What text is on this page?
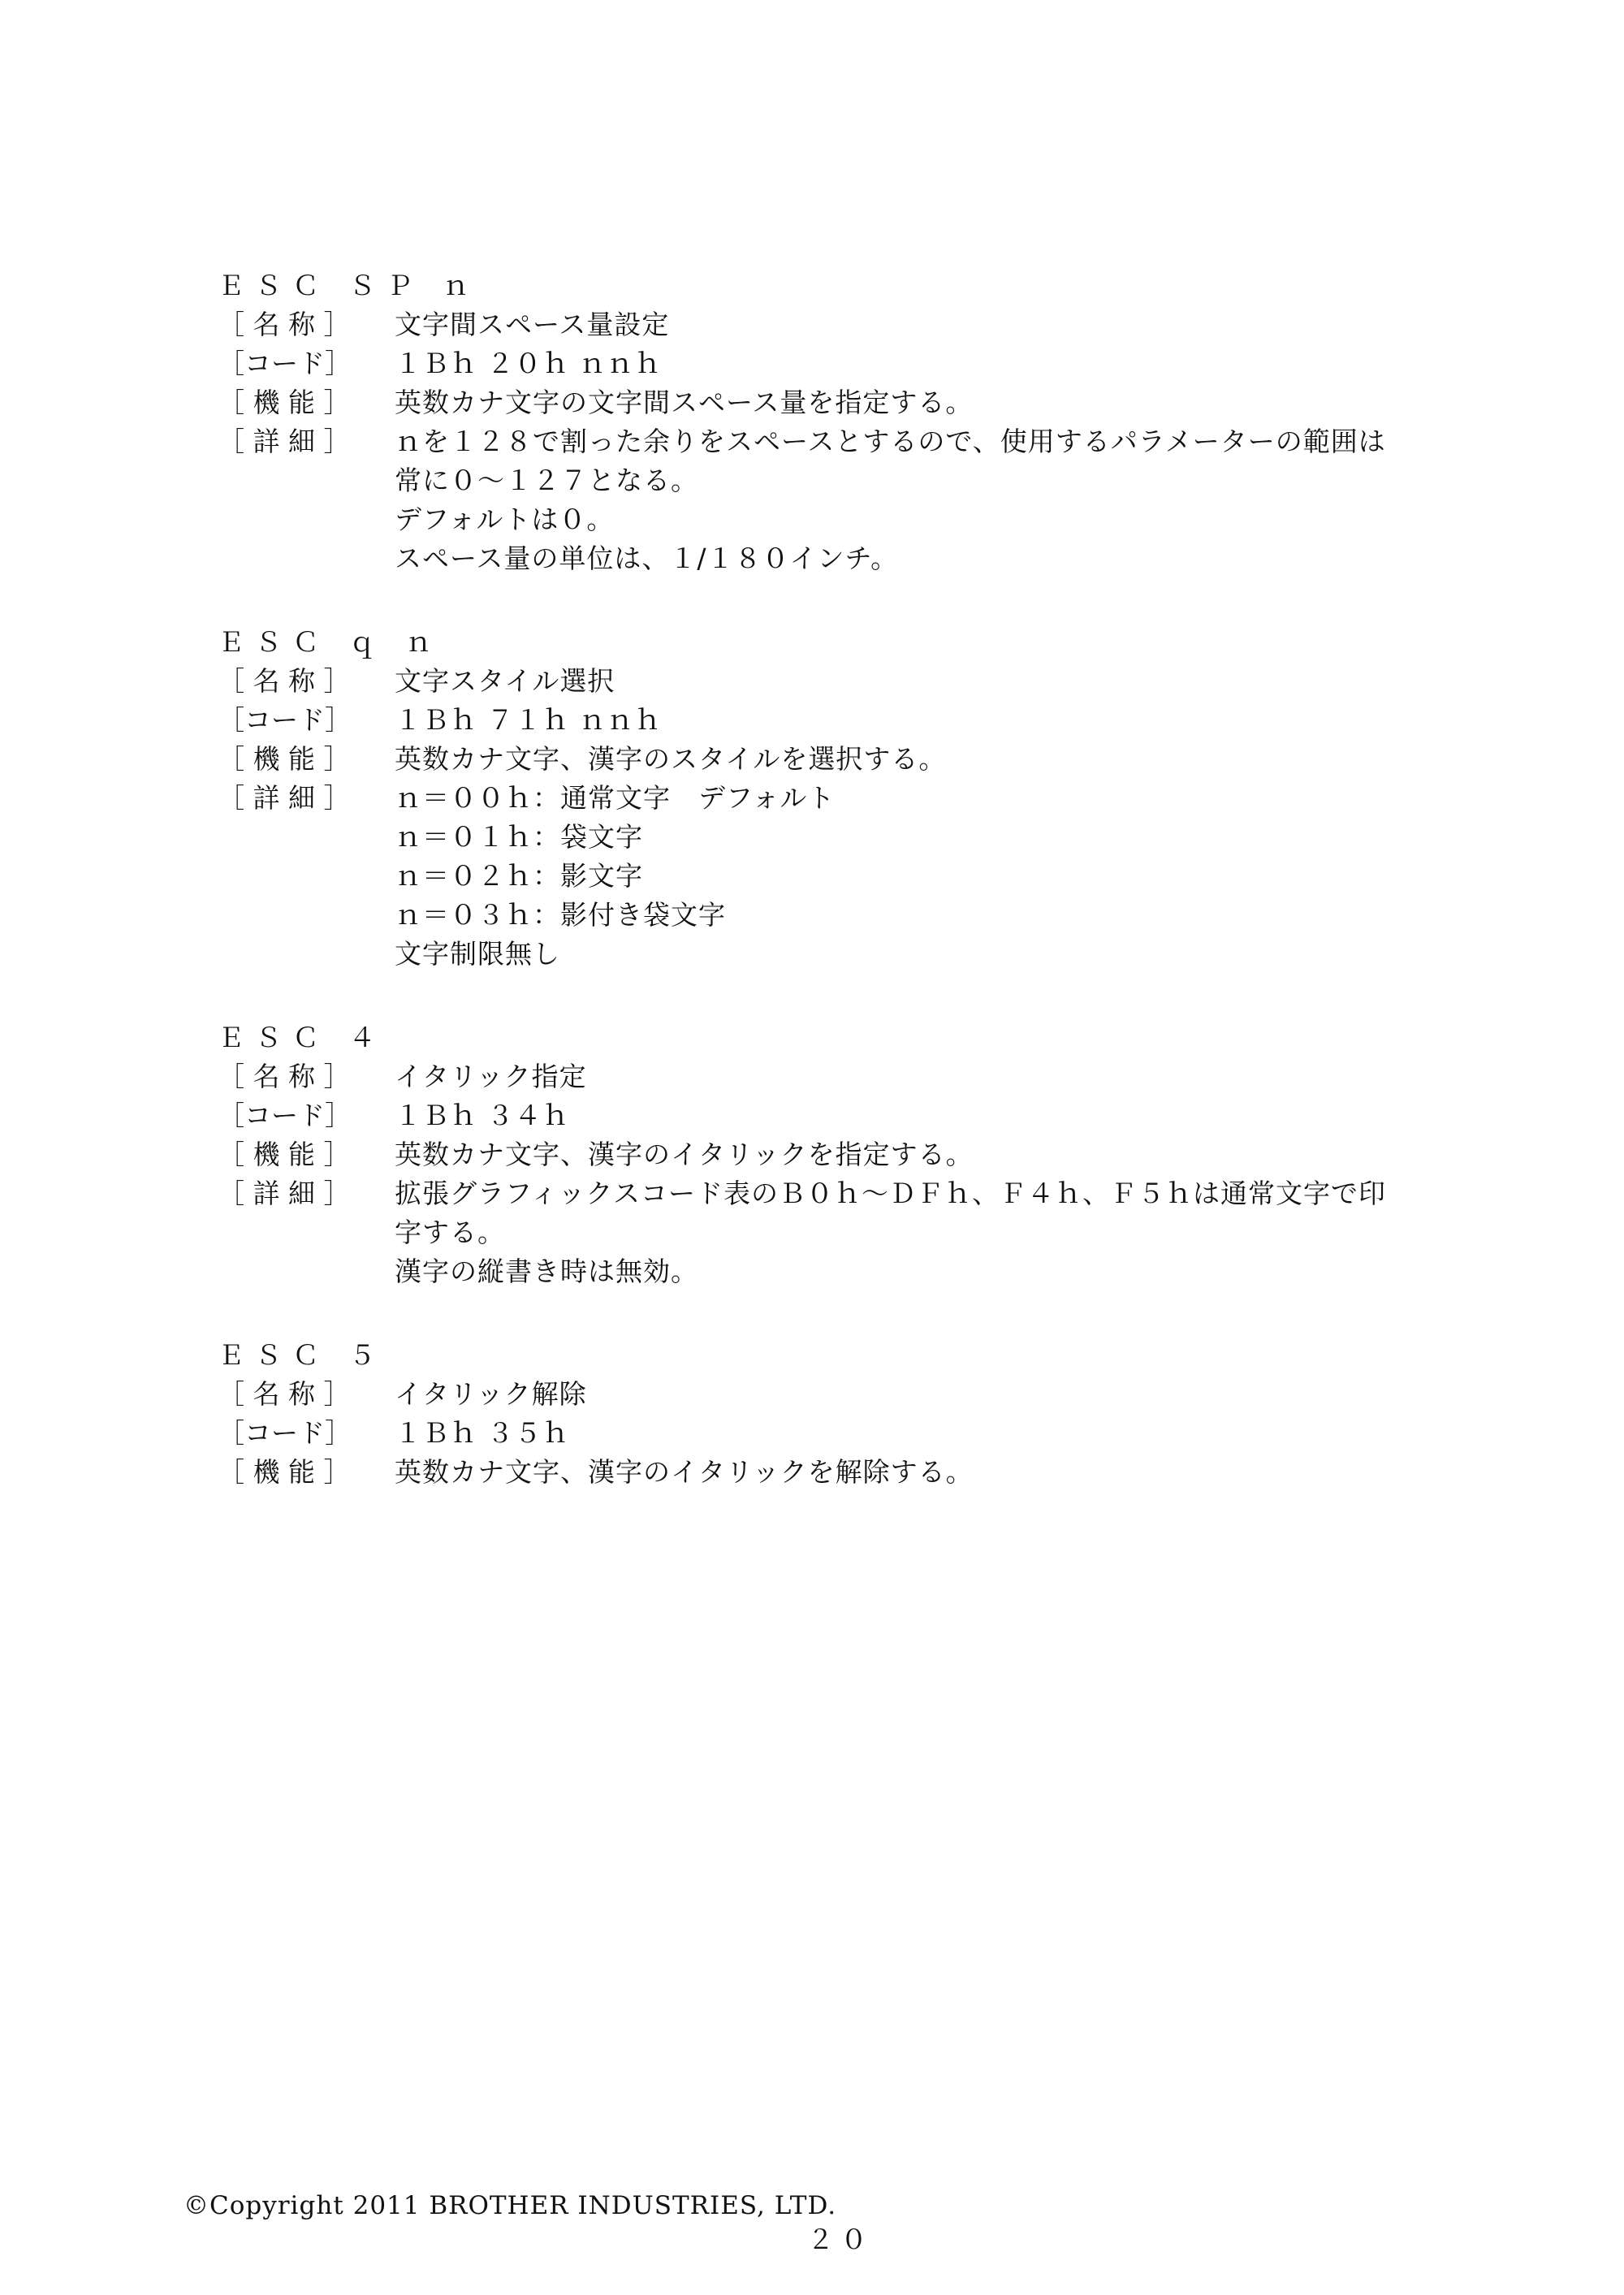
ＥＳＣ ＳＰ ｎ
［ 名 称 ］ 文字間スペース量設定
［コード］ １Ｂｈ ２０ｈ ｎｎｈ
［ 機 能 ］ 英数カナ文字の文字間スペース量を指定する。
［ 詳 細 ］ ｎを１２８で割った余りをスペースとするので、使用するパラメーターの範囲は
常に０～１２７となる。
デフォルトは０。
スペース量の単位は、１/１８０インチ。
ＥＳＣ ｑ ｎ
［ 名 称 ］ 文字スタイル選択
［コード］ １Ｂｈ ７１ｈ ｎｎｈ
［ 機 能 ］ 英数カナ文字、漢字のスタイルを選択する。
［ 詳 細 ］ ｎ＝００ｈ：通常文字　デフォルト
ｎ＝０１ｈ：袋文字
ｎ＝０２ｈ：影文字
ｎ＝０３ｈ：影付き袋文字
文字制限無し
ＥＳＣ ４
［ 名 称 ］ イタリック指定
［コード］ １Ｂｈ ３４ｈ
［ 機 能 ］ 英数カナ文字、漢字のイタリックを指定する。
［ 詳 細 ］ 拡張グラフィックスコード表のＢ０ｈ～ＤＦｈ、Ｆ４ｈ、Ｆ５ｈは通常文字で印
字する。
漢字の縦書き時は無効。
ＥＳＣ ５
［ 名 称 ］ イタリック解除
［コード］ １Ｂｈ ３５ｈ
［ 機 能 ］ 英数カナ文字、漢字のイタリックを解除する。
©Copyright 2011 BROTHER INDUSTRIES, LTD.
２０
